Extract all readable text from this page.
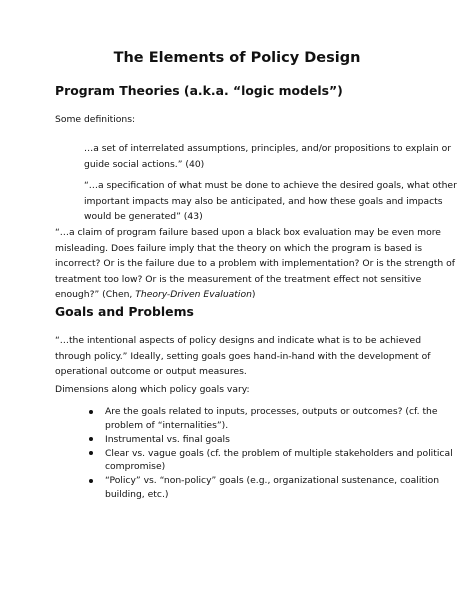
The Elements of Policy Design
Program Theories (a.k.a. “logic models”)

Some definitions:

…a set of interrelated assumptions, principles, and/or propositions to explain or guide social actions.” (40)

“…a specification of what must be done to achieve the desired goals, what other important impacts may also be anticipated, and how these goals and impacts would be generated” (43)

“…a claim of program failure based upon a black box evaluation may be even more misleading. Does failure imply that the theory on which the program is based is incorrect? Or is the failure due to a problem with implementation? Or is the strength of treatment too low? Or is the measurement of the treatment effect not sensitive enough?” (Chen, Theory-Driven Evaluation)

Goals and Problems

“…the intentional aspects of policy designs and indicate what is to be achieved through policy.” Ideally, setting goals goes hand-in-hand with the development of operational outcome or output measures.

Dimensions along which policy goals vary:

Are the goals related to inputs, processes, outputs or outcomes? (cf. the problem of “internalities”).
Instrumental vs. final goals
Clear vs. vague goals (cf. the problem of multiple stakeholders and political compromise)
“Policy” vs. “non-policy” goals (e.g., organizational sustenance, coalition building, etc.)
